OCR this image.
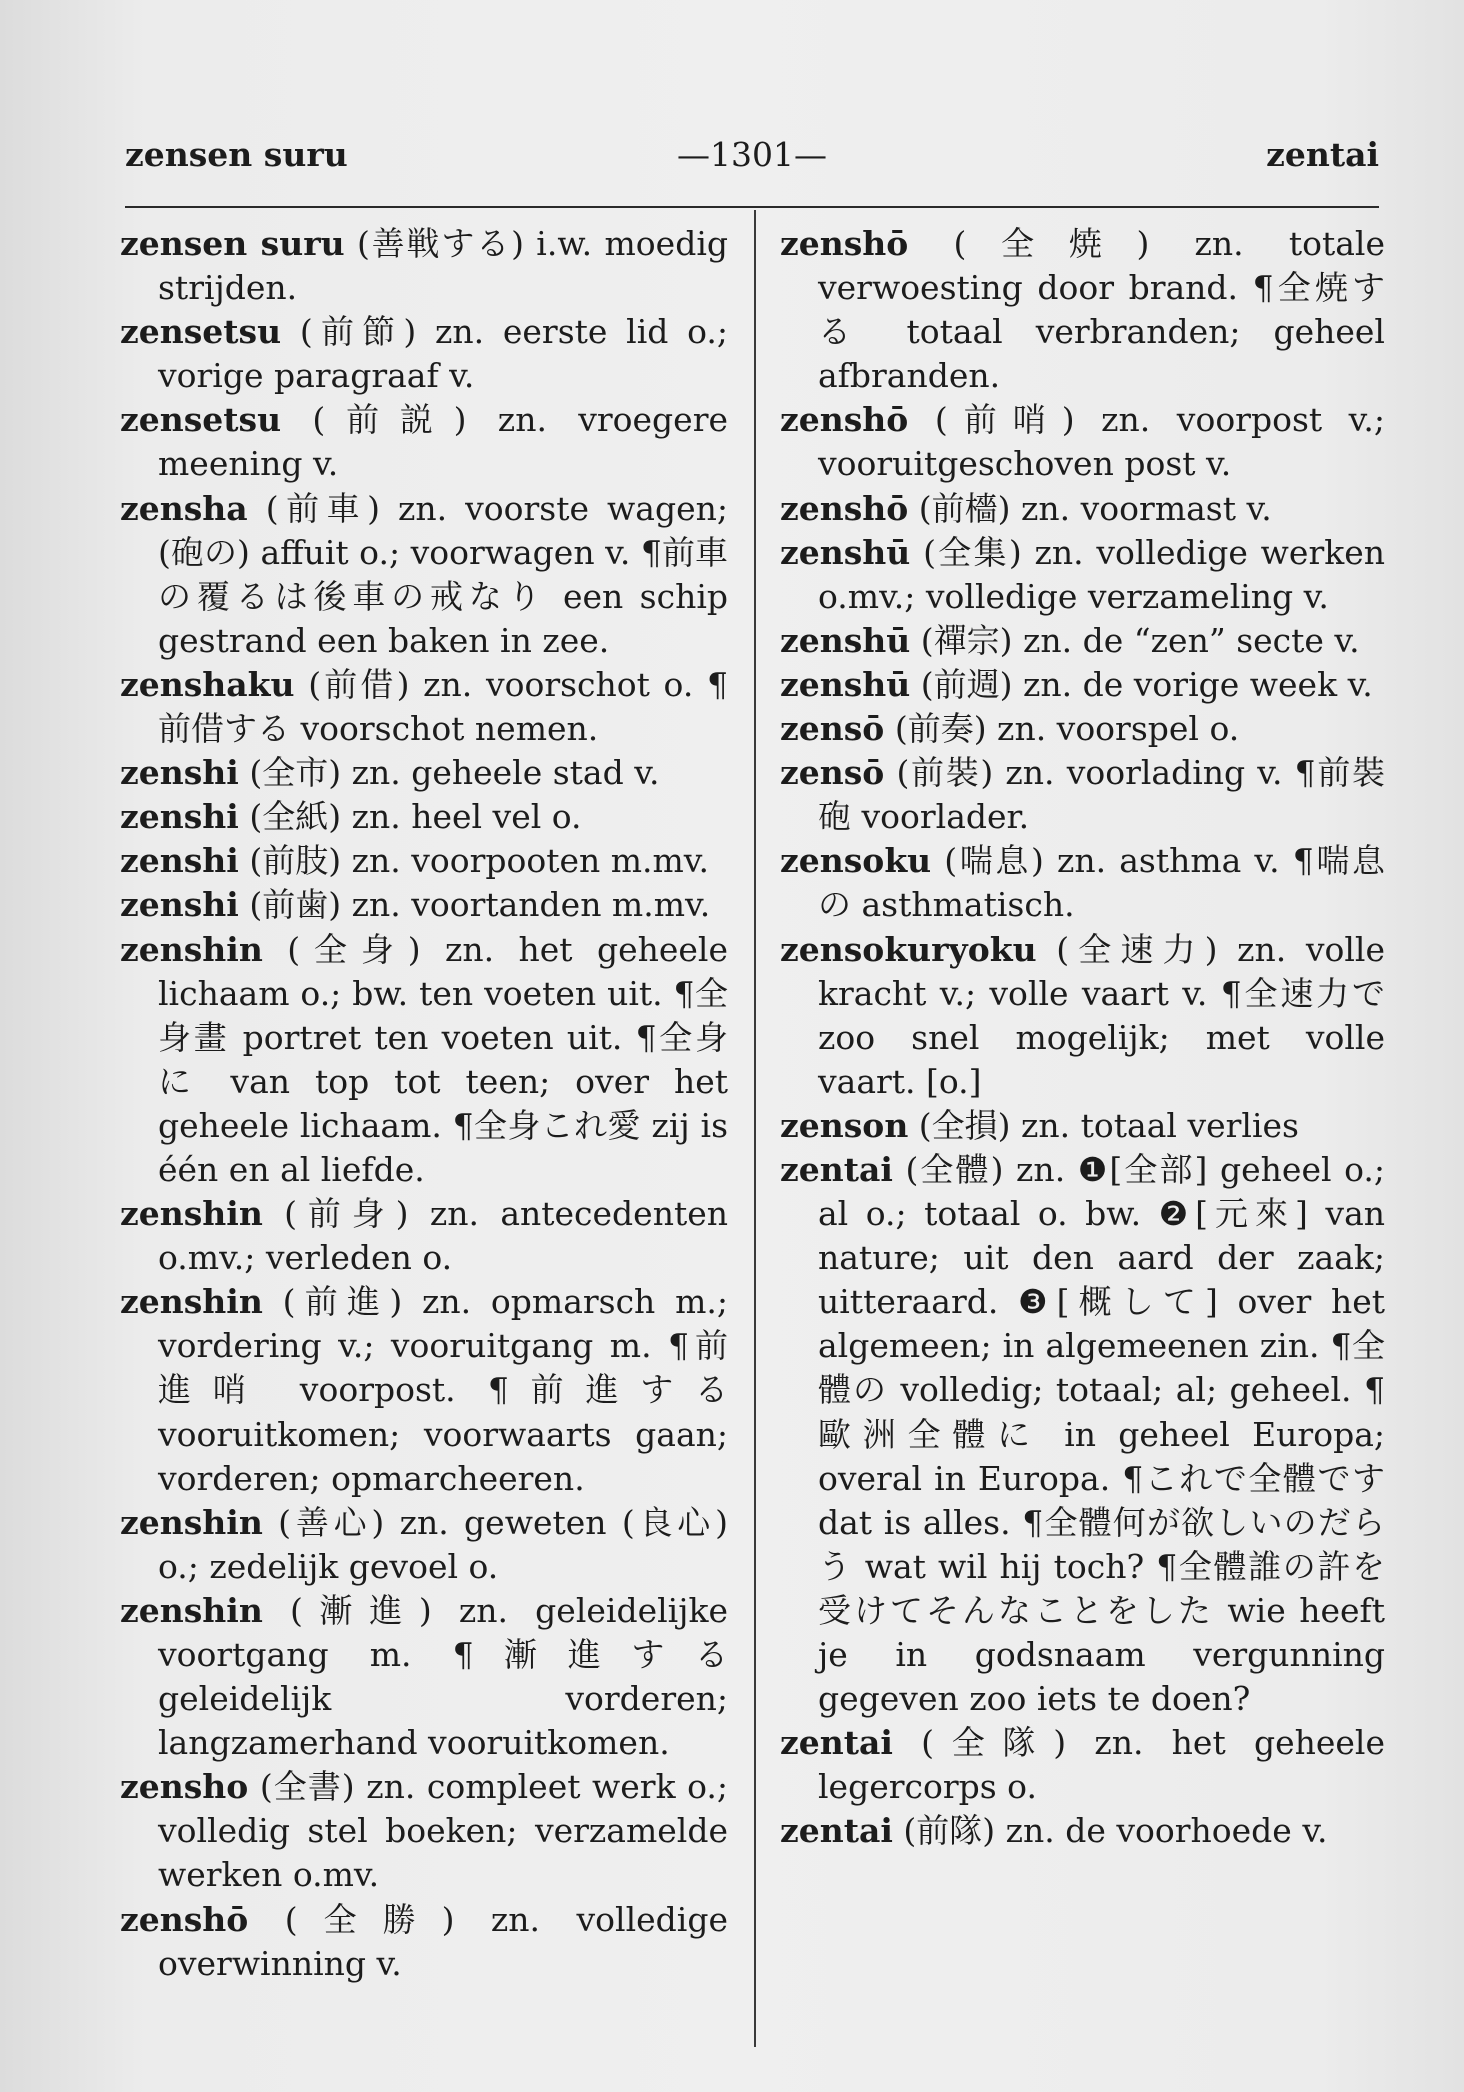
zensen suru	—1301—	zentai

zensen suru (善戦する) i.w. moedig strijden.

zensetsu (前節) zn. eerste lid o.; vorige paragraaf v.

zensetsu (前説) zn. vroegere meening v.

zensha (前車) zn. voorste wagen; (砲の) affuit o.; voorwagen v. ¶前車の覆るは後車の戒なり een schip gestrand een baken in zee.

zenshaku (前借) zn. voorschot o. ¶前借する voorschot nemen.

zenshi (全市) zn. geheele stad v.

zenshi (全紙) zn. heel vel o.

zenshi (前肢) zn. voorpooten m.mv.

zenshi (前歯) zn. voortanden m.mv.

zenshin (全身) zn. het geheele lichaam o.; bw. ten voeten uit. ¶全身畫 portret ten voeten uit. ¶全身に van top tot teen; over het geheele lichaam. ¶全身これ愛 zij is één en al liefde.

zenshin (前身) zn. antecedenten o.mv.; verleden o.

zenshin (前進) zn. opmarsch m.; vordering v.; vooruitgang m. ¶前進哨 voorpost. ¶前進する vooruitkomen; voorwaarts gaan; vorderen; opmarcheeren.

zenshin (善心) zn. geweten (良心) o.; zedelijk gevoel o.

zenshin (漸進) zn. geleidelijke voortgang m. ¶漸進する geleidelijk vorderen; langzamerhand vooruitkomen.

zensho (全書) zn. compleet werk o.; volledig stel boeken; verzamelde werken o.mv.

zenshō (全勝) zn. volledige overwinning v.

zenshō (全焼) zn. totale verwoesting door brand. ¶全焼する totaal verbranden; geheel afbranden.

zenshō (前哨) zn. voorpost v.; vooruitgeschoven post v.

zenshō (前檣) zn. voormast v.

zenshū (全集) zn. volledige werken o.mv.; volledige verzameling v.

zenshū (禪宗) zn. de “zen” secte v.

zenshū (前週) zn. de vorige week v.

zensō (前奏) zn. voorspel o.

zensō (前裝) zn. voorlading v. ¶前裝砲 voorlader.

zensoku (喘息) zn. asthma v. ¶喘息の asthmatisch.

zensokuryoku (全速力) zn. volle kracht v.; volle vaart v. ¶全速力で zoo snel mogelijk; met volle vaart. [o.]

zenson (全損) zn. totaal verlies

zentai (全體) zn. ❶[全部] geheel o.; al o.; totaal o. bw. ❷[元來] van nature; uit den aard der zaak; uitteraard. ❸[概して] over het algemeen; in algemeenen zin. ¶全體の volledig; totaal; al; geheel. ¶歐洲全體に in geheel Europa; overal in Europa. ¶これで全體です dat is alles. ¶全體何が欲しいのだらう wat wil hij toch? ¶全體誰の許を受けてそんなことをした wie heeft je in godsnaam vergunning gegeven zoo iets te doen?

zentai (全隊) zn. het geheele legercorps o.

zentai (前隊) zn. de voorhoede v.
